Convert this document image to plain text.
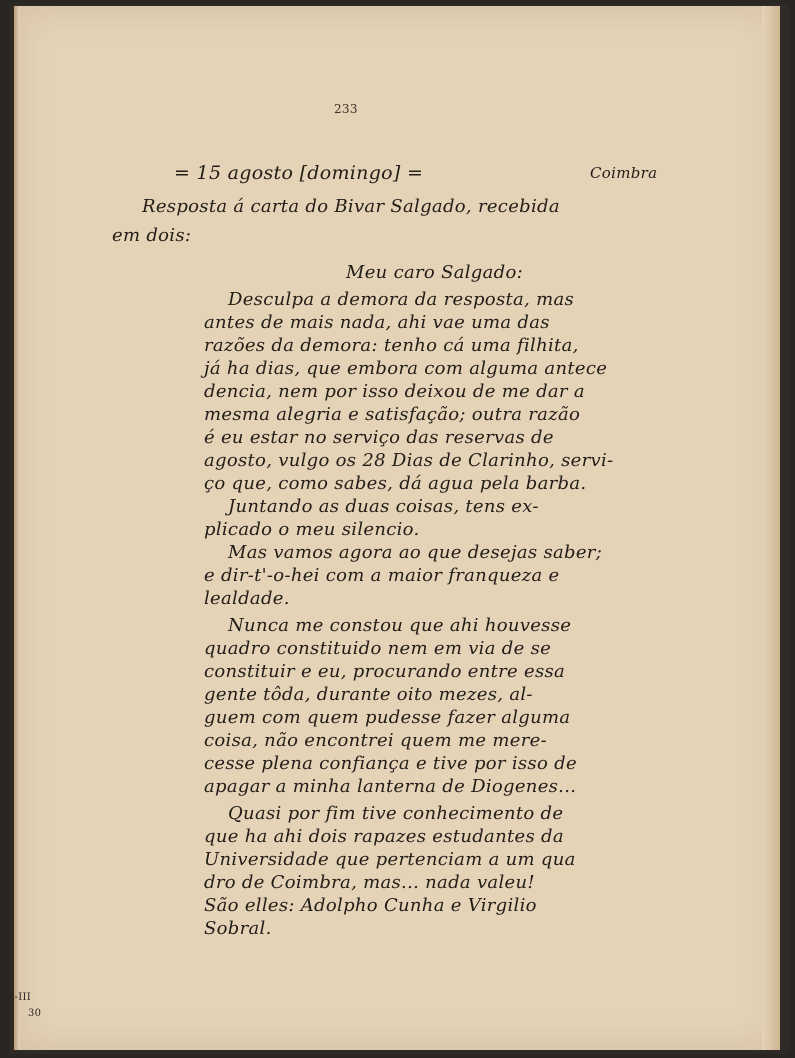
233
= 15 agosto [domingo] =	Coimbra
Resposta á carta do Bivar Salgado, recebida
em dois:
Meu caro Salgado:
Desculpa a demora da resposta, mas
antes de mais nada, ahi vae uma das
razões da demora: tenho cá uma filhita,
já ha dias, que embora com alguma antece
dencia, nem por isso deixou de me dar a
mesma alegria e satisfação; outra razão
é eu estar no serviço das reservas de
agosto, vulgo os 28 Dias de Clarinho, servi-
ço que, como sabes, dá agua pela barba.
Juntando as duas coisas, tens ex-
plicado o meu silencio.
Mas vamos agora ao que desejas saber;
e dir-t'-o-hei com a maior franqueza e
lealdade.
Nunca me constou que ahi houvesse
quadro constituido nem em via de se
constituir e eu, procurando entre essa
gente tôda, durante oito mezes, al-
guem com quem pudesse fazer alguma
coisa, não encontrei quem me mere-
cesse plena confiança e tive por isso de
apagar a minha lanterna de Diogenes...
Quasi por fim tive conhecimento de
que ha ahi dois rapazes estudantes da
Universidade que pertenciam a um qua
dro de Coimbra, mas... nada valeu!
São elles: Adolpho Cunha e Virgilio
Sobral.
M-III
30
